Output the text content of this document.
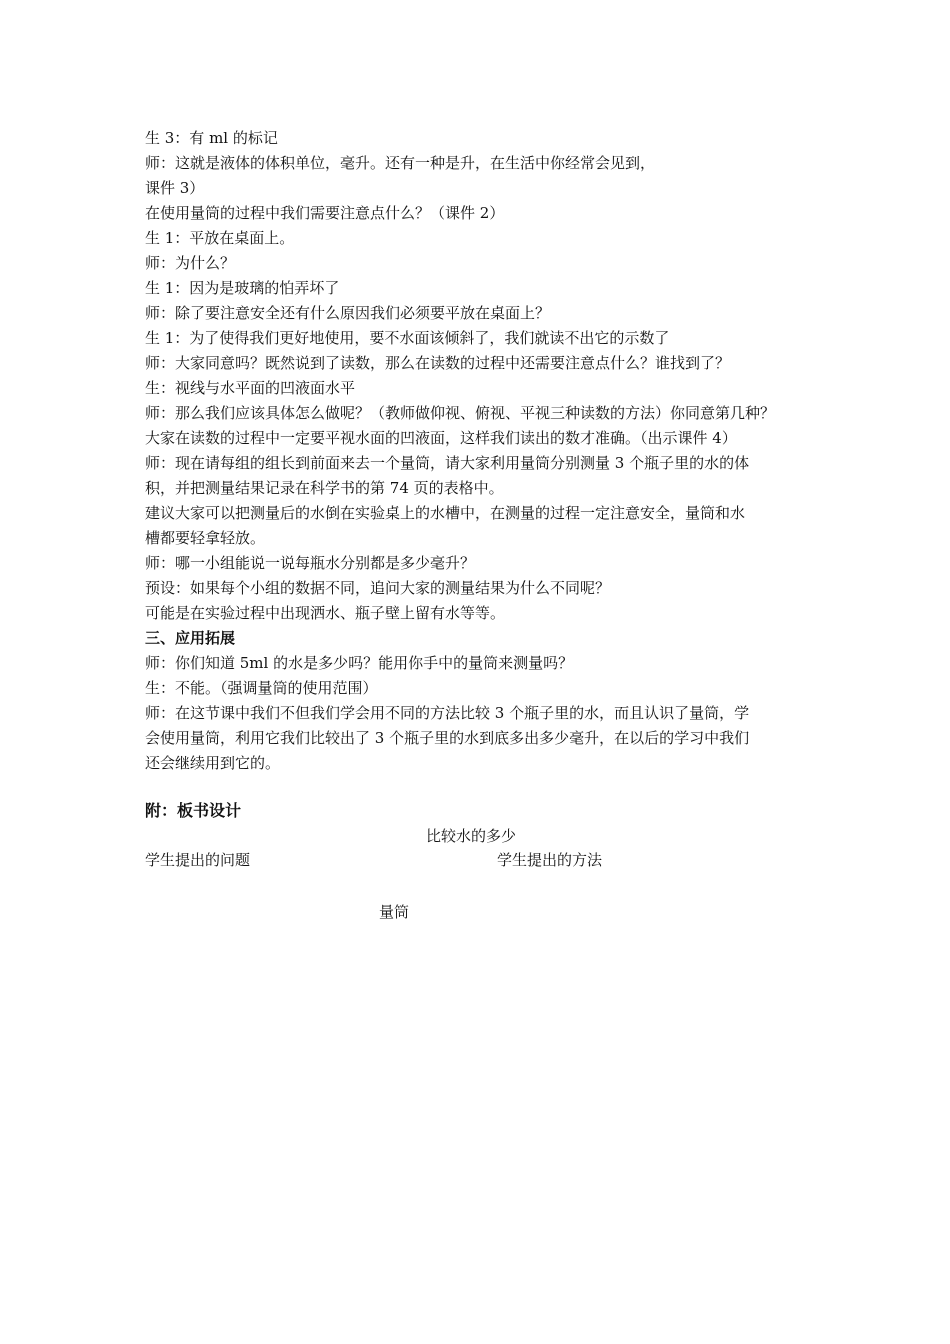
生 3：有 ml 的标记
师：这就是液体的体积单位，毫升。还有一种是升，在生活中你经常会见到，
课件 3）
在使用量筒的过程中我们需要注意点什么？（课件 2）
生 1：平放在桌面上。
师：为什么？
生 1：因为是玻璃的怕弄坏了
师：除了要注意安全还有什么原因我们必须要平放在桌面上？
生 1：为了使得我们更好地使用，要不水面该倾斜了，我们就读不出它的示数了
师：大家同意吗？既然说到了读数，那么在读数的过程中还需要注意点什么？谁找到了？
生：视线与水平面的凹液面水平
师：那么我们应该具体怎么做呢？（教师做仰视、俯视、平视三种读数的方法）你同意第几种？
大家在读数的过程中一定要平视水面的凹液面，这样我们读出的数才准确。（出示课件 4）
师：现在请每组的组长到前面来去一个量筒，请大家利用量筒分别测量 3 个瓶子里的水的体
积，并把测量结果记录在科学书的第 74 页的表格中。
建议大家可以把测量后的水倒在实验桌上的水槽中，在测量的过程一定注意安全，量筒和水
槽都要轻拿轻放。
师：哪一小组能说一说每瓶水分别都是多少毫升？
预设：如果每个小组的数据不同，追问大家的测量结果为什么不同呢？
可能是在实验过程中出现洒水、瓶子壁上留有水等等。
三、应用拓展
师：你们知道 5ml 的水是多少吗？能用你手中的量筒来测量吗？
生：不能。（强调量筒的使用范围）
师：在这节课中我们不但我们学会用不同的方法比较 3 个瓶子里的水，而且认识了量筒，学
会使用量筒，利用它我们比较出了 3 个瓶子里的水到底多出多少毫升，在以后的学习中我们
还会继续用到它的。
附：板书设计
比较水的多少
学生提出的问题	学生提出的方法
量筒
